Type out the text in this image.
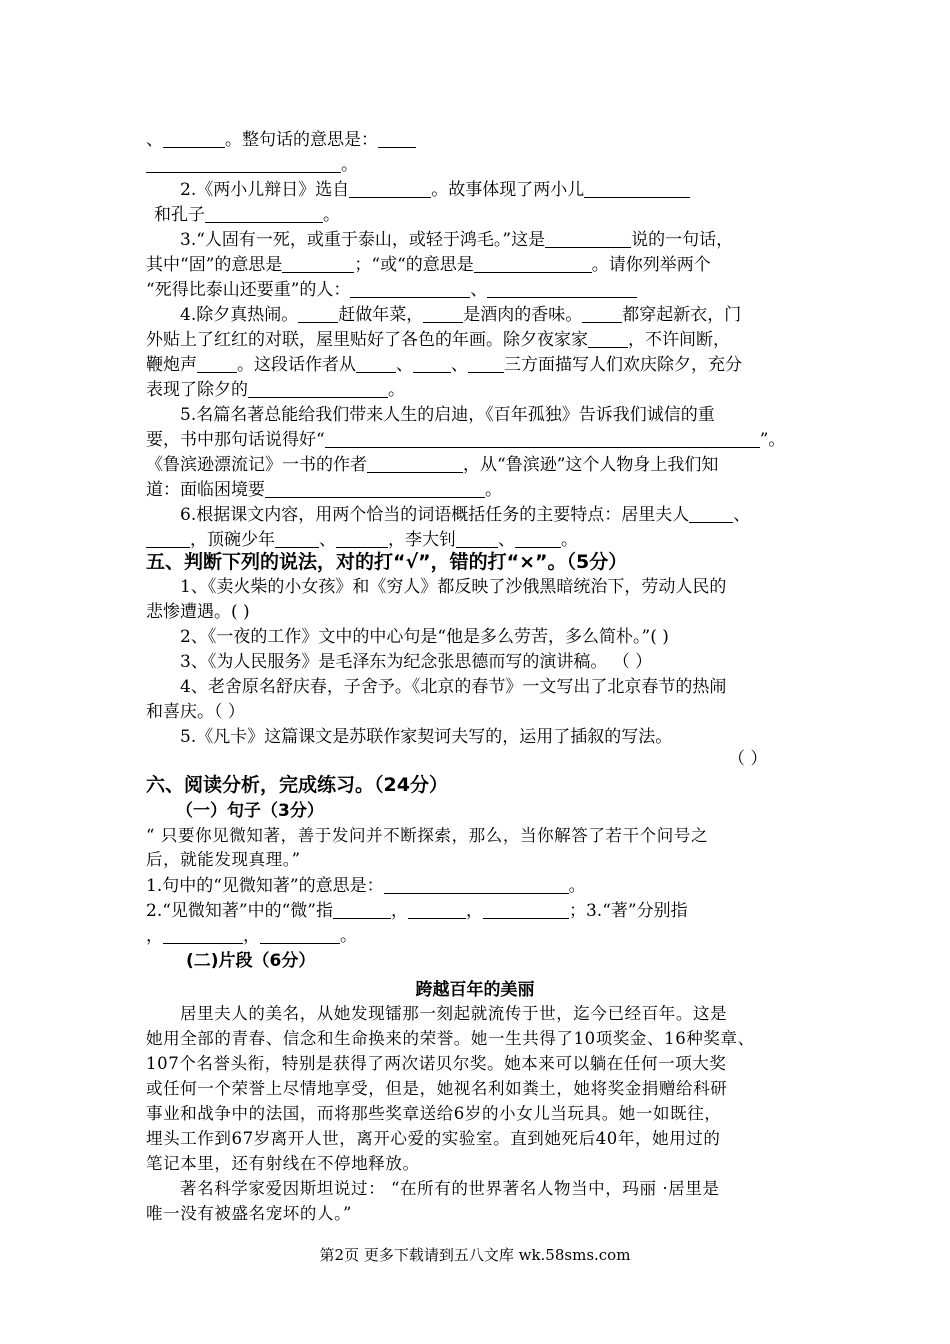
、	。整句话的意思是：
。
2.《两小儿辩日》选自	。故事体现了两小儿
和孔子	。
3.“人固有一死，或重于泰山，或轻于鸿毛。”这是	说的一句话，
其中“固”的意思是	；“或“的意思是	。请你列举两个
“死得比泰山还要重”的人：	、
4.除夕真热闹。 赶做年菜， 是酒肉的香味。 都穿起新衣，门
外贴上了红红的对联，屋里贴好了各色的年画。除夕夜家家 ，不许间断，
鞭炮声 。这段话作者从 、 、 三方面描写人们欢庆除夕，充分
表现了除夕的	。
5.名篇名著总能给我们带来人生的启迪，《百年孤独》告诉我们诚信的重
要，书中那句话说得好“	”。
《鲁滨逊漂流记》一书的作者	，从“鲁滨逊”这个人物身上我们知
道：面临困境要	。
6.根据课文内容，用两个恰当的词语概括任务的主要特点：居里夫人	、
，顶碗少年	、	，李大钊 、	。
五、判断下列的说法，对的打“√”，错的打“×”。（5分）
1、《卖火柴的小女孩》和《穷人》都反映了沙俄黑暗统治下，劳动人民的
悲惨遭遇。( )
2、《一夜的工作》文中的中心句是“他是多么劳苦，多么简朴。”( )
3、《为人民服务》是毛泽东为纪念张思德而写的演讲稿。 （ ）
4、老舍原名舒庆春，子舍予。《北京的春节》一文写出了北京春节的热闹
和喜庆。（ ）
5.《凡卡》这篇课文是苏联作家契诃夫写的，运用了插叙的写法。
（ ）
六、阅读分析，完成练习。（24分）
（一）句子（3分）
“ 只要你见微知著，善于发问并不断探索，那么，当你解答了若干个问号之
后，就能发现真理。”
1.句中的“见微知著”的意思是：	。
2.“见微知著”中的“微”指	，	，	；3.“著”分别指
，	，	。
(二)片段（6分）
跨越百年的美丽
居里夫人的美名，从她发现镭那一刻起就流传于世，迄今已经百年。这是
她用全部的青春、信念和生命换来的荣誉。她一生共得了10项奖金、16种奖章、
107个名誉头衔，特别是获得了两次诺贝尔奖。她本来可以躺在任何一项大奖
或任何一个荣誉上尽情地享受，但是，她视名利如粪土，她将奖金捐赠给科研
事业和战争中的法国，而将那些奖章送给6岁的小女儿当玩具。她一如既往，
埋头工作到67岁离开人世，离开心爱的实验室。直到她死后40年，她用过的
笔记本里，还有射线在不停地释放。
著名科学家爱因斯坦说过： “在所有的世界著名人物当中，玛丽 ·居里是
唯一没有被盛名宠坏的人。”
第2页 更多下载请到五八文库 wk.58sms.com
